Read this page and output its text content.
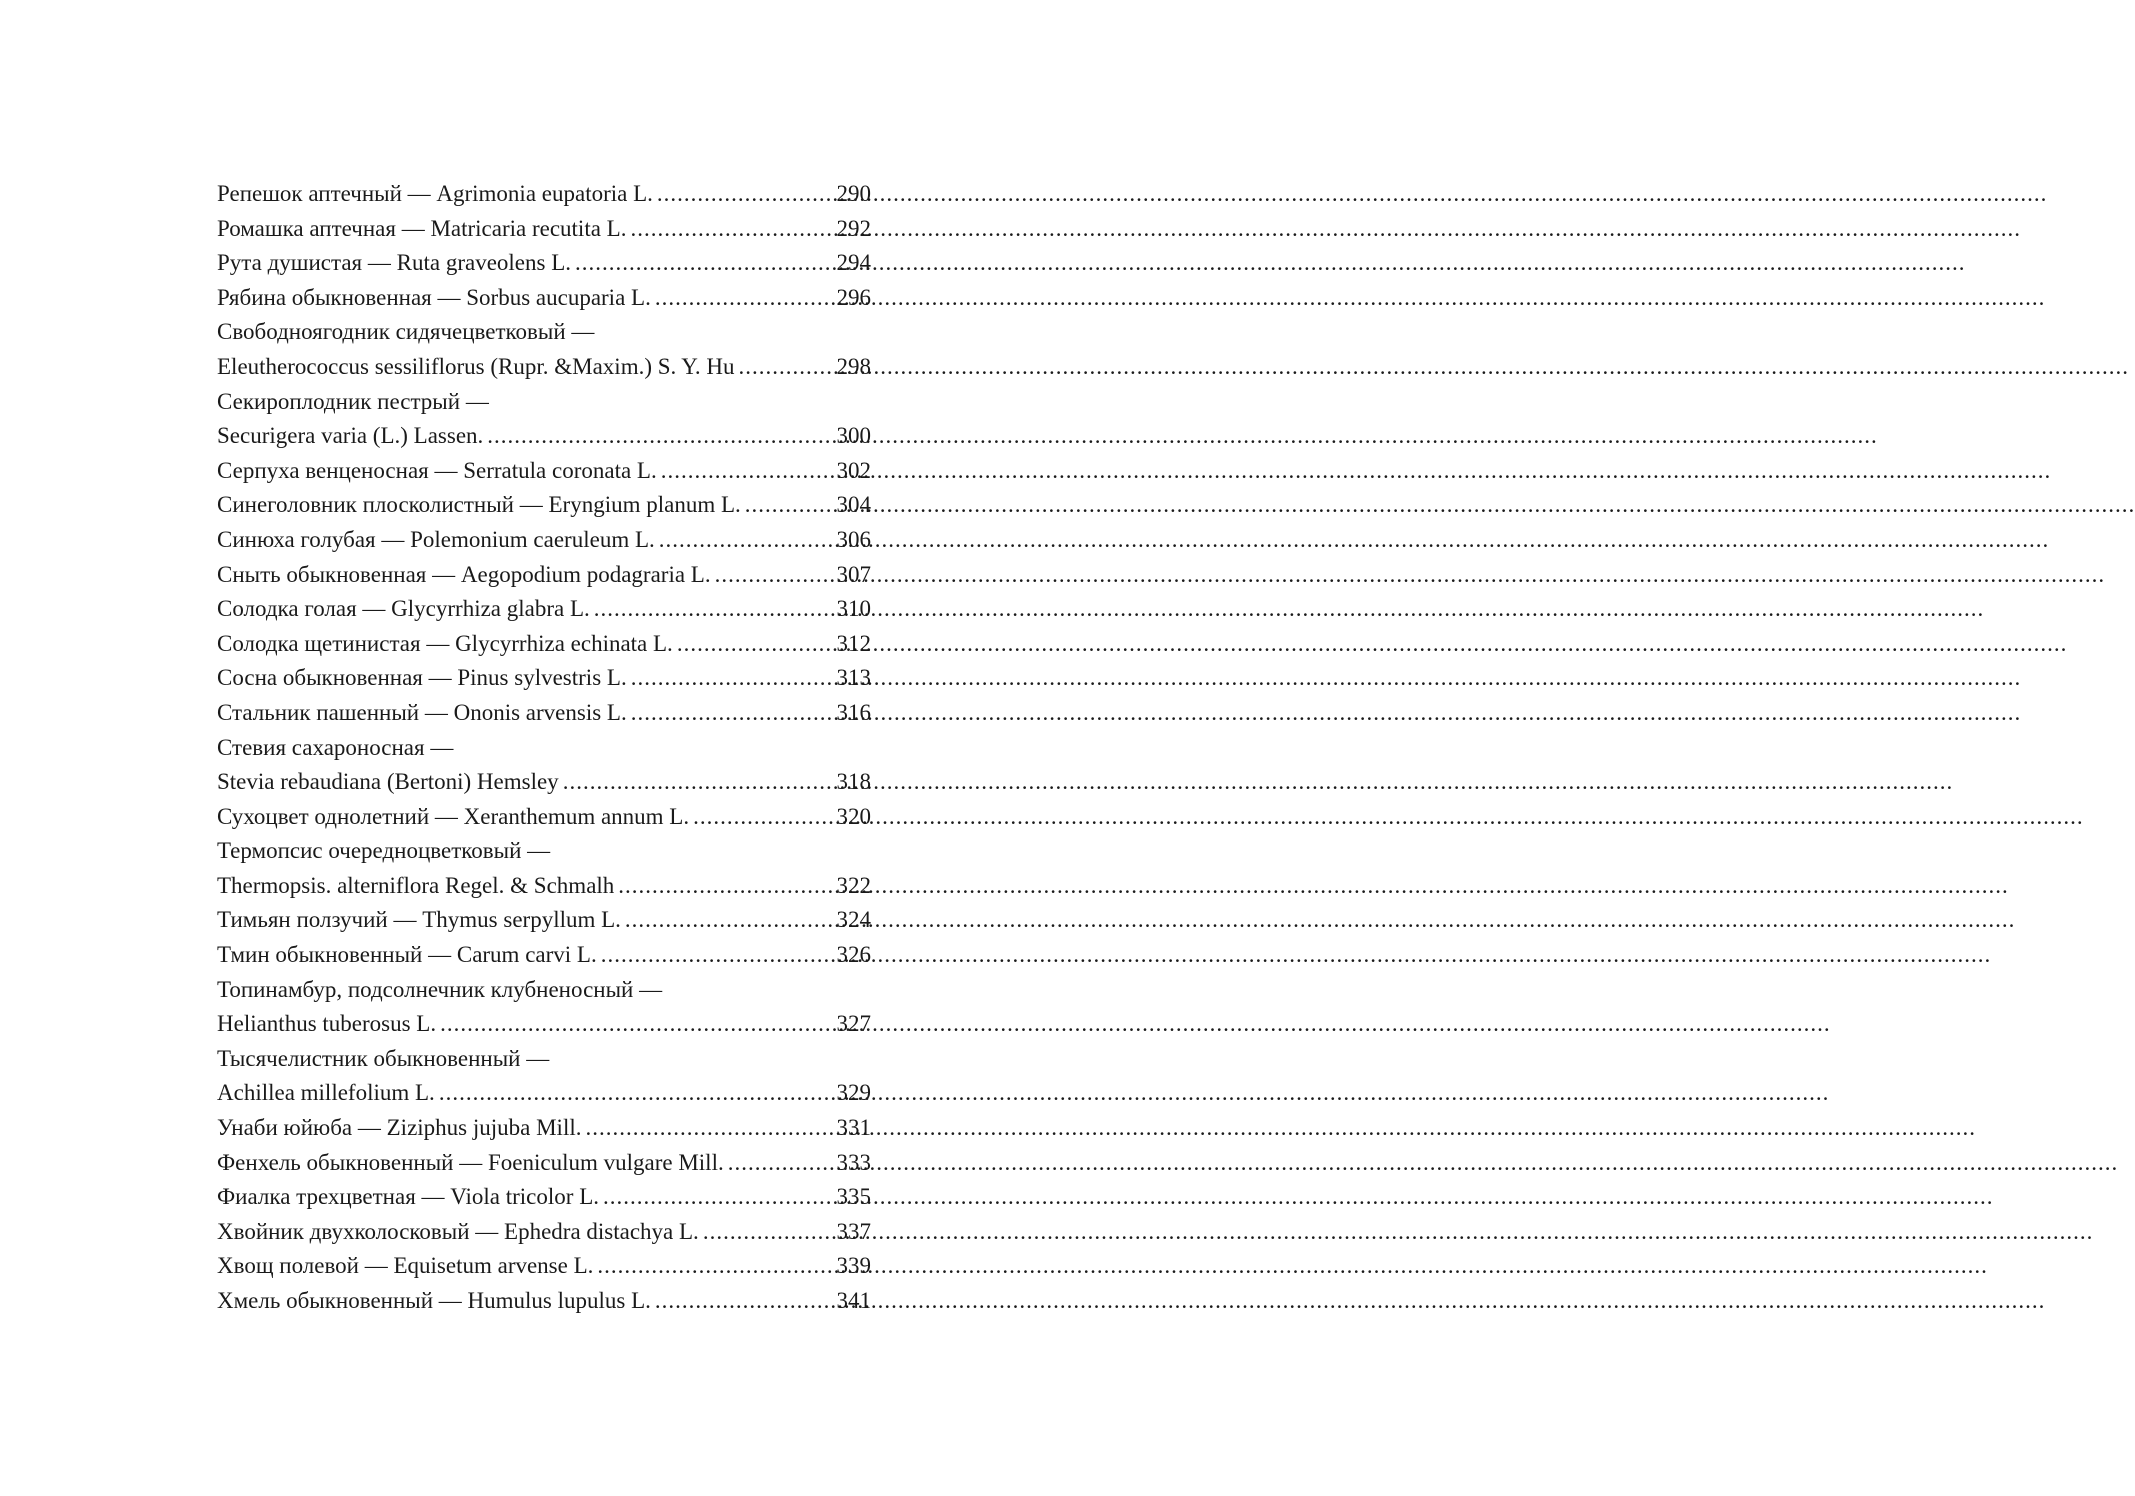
Репешок аптечный — Agrimonia eupatoria L. .....	290
Ромашка аптечная — Matricaria recutita L. .....	292
Рута душистая — Ruta graveolens L. .....	294
Рябина обыкновенная — Sorbus aucuparia L. .....	296
Свободноягодник сидячецветковый —
Eleutherococcus sessiliflorus (Rupr. &Maxim.) S. Y. Hu .....	298
Секироплодник пестрый —
Securigera varia (L.) Lassen. .....	300
Серпуха венценосная — Serratula coronata L. .....	302
Синеголовник плосколистный — Eryngium planum L. .....	304
Синюха голубая — Polemonium caeruleum L. .....	306
Сныть обыкновенная — Aegopodium podagraria L. .....	307
Солодка голая — Glycyrrhiza glabra L. .....	310
Солодка щетинистая — Glycyrrhiza echinata L. .....	312
Сосна обыкновенная — Pinus sylvestris L. .....	313
Стальник пашенный — Ononis arvensis L. .....	316
Стевия сахароносная —
Stevia rebaudiana (Bertoni) Hemsley .....	318
Сухоцвет однолетний — Xeranthemum annum L. .....	320
Термопсис очередноцветковый —
Thermopsis. alterniflora Regel. & Schmalh .....	322
Тимьян ползучий — Thymus serpyllum L. .....	324
Тмин обыкновенный — Carum carvi L. .....	326
Топинамбур, подсолнечник клубненосный —
Helianthus tuberosus L. .....	327
Тысячелистник обыкновенный —
Achillea millefolium L. .....	329
Унаби юйюба — Ziziphus jujuba Mill. .....	331
Фенхель обыкновенный — Foeniculum vulgare Mill. .....	333
Фиалка трехцветная — Viola tricolor L. .....	335
Хвойник двухколосковый — Ephedra distachya L. .....	337
Хвощ полевой — Equisetum arvense L. .....	339
Хмель обыкновенный — Humulus lupulus L. .....	341
